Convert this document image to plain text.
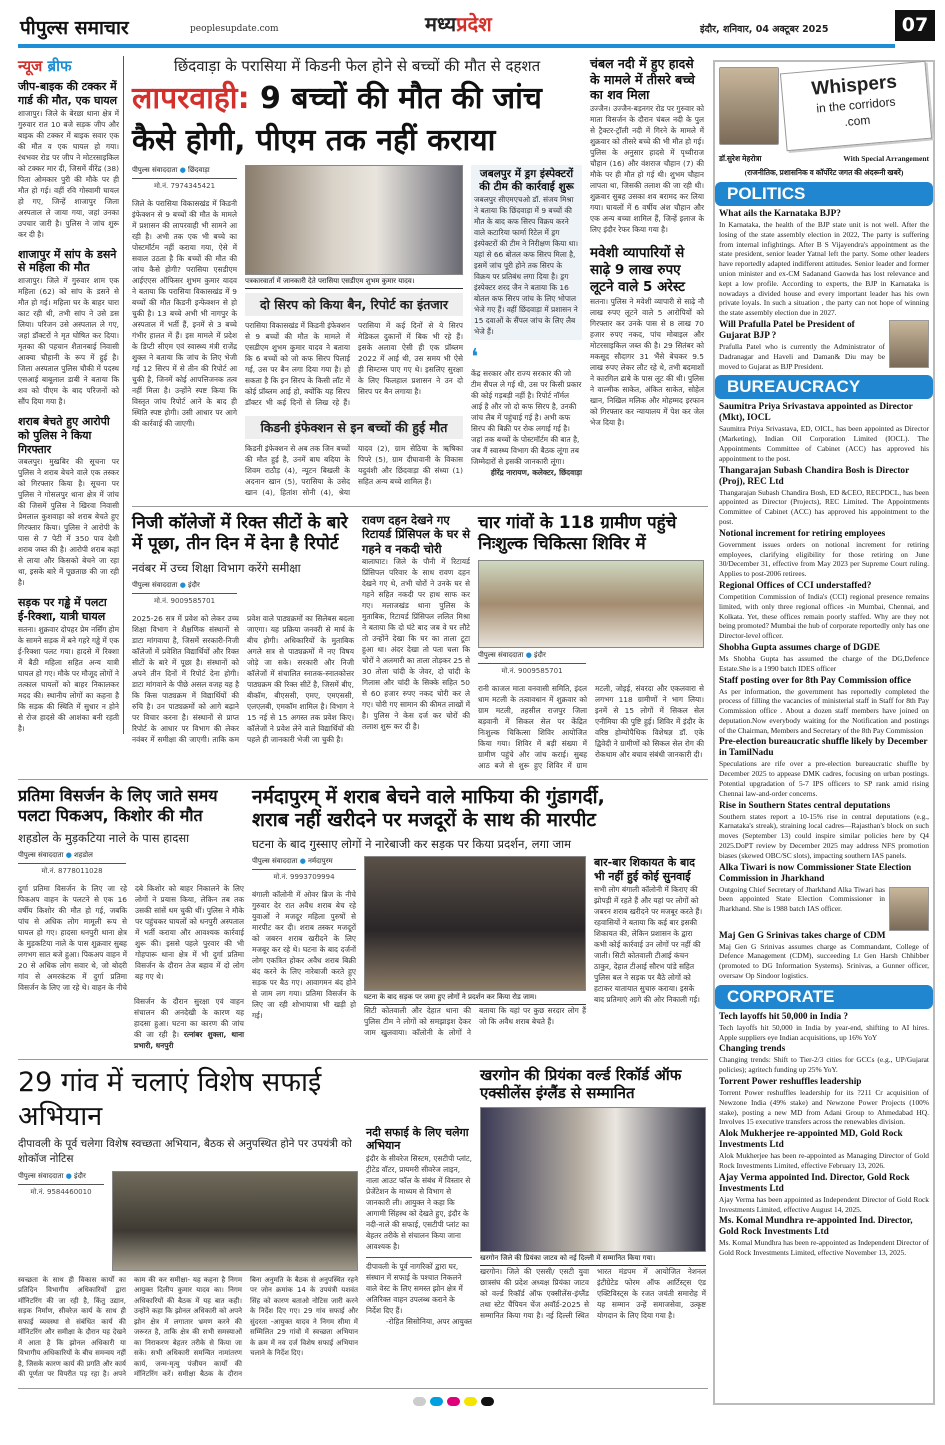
पीपुल्स समाचार	peoplesupdate.com	मध्यप्रदेश	इंदौर, शनिवार, 04 अक्टूबर 2025	07
न्यूज ब्रीफ
जीप-बाइक की टक्कर में गार्ड की मौत, एक घायल

शाजापुर। जिले के बेरछा थाना क्षेत्र में गुरुवार रात 10 बजे सड़क जीप और बाइक की टक्कर में बाइक सवार एक की मौत व एक घायल हो गया। रंथभवर रोड पर जीप ने मोटरसाइकिल को टक्कर मार दी, जिसमें वीरेंद्र (38) पिता ओमकार पुरी की मौके पर ही मौत हो गई। वहीं रवि गोस्वामी घायल हो गए, जिन्हें शाजापुर जिला अस्पताल ले जाया गया, जहां उनका उपचार जारी है। पुलिस ने जांच शुरू कर दी है।

शाजापुर में सांप के डसने से महिला की मौत

शाजापुर। जिले में गुरुवार शाम एक महिला (62) को सांप के डसने से मौत हो गई। महिला घर के बाहर चारा काट रही थी, तभी सांप ने उसे डस लिया। परिजन उसे अस्पताल ले गए, जहां डॉक्टरों ने मृत घोषित कर दिया। मृतका की पहचान शैतानबाई निवासी आक्या चौहानी के रूप में हुई है। जिला अस्पताल पुलिस चौकी में पदस्थ एसआई बाबूलाल डाबी ने बताया कि शव को पीएम के बाद परिजनों को सौंप दिया गया है।

शराब बेचते हुए आरोपी को पुलिस ने किया गिरफ्तार

जबलपुर। मुखबिर की सूचना पर पुलिस ने शराब बेचने वाले एक तस्कर को गिरफ्तार किया है। सूचना पर पुलिस ने गोसलपुर थाना क्षेत्र में जांच की जिसमें पुलिस ने खिरवा निवासी प्रेमलाल कुशवाहा को शराब बेचते हुए गिरफ्तार किया। पुलिस ने आरोपी के पास से 7 पेटी में 350 पाव देशी शराब जब्त की है। आरोपी शराब कहां से लाया और किसको बेचने जा रहा था, इसके बारे में पूछताछ की जा रही है।

सड़क पर गड्ढे में पलटा ई-रिक्शा, यात्री घायल

सतना। शुक्रवार दोपहर प्रेम नर्सिंग होम के सामने सड़क में बने गहरे गड्ढे में एक ई-रिक्शा पलट गया। हादसे में रिक्शा में बैठी महिला सहित अन्य यात्री घायल हो गए। मौके पर मौजूद लोगों ने तत्काल घायलों को बाहर निकालकर मदद की। स्थानीय लोगों का कहना है कि सड़क की स्थिति में सुधार न होने से रोज हादसे की आशंका बनी रहती है।

छिंदवाड़ा के परासिया में किडनी फेल होने से बच्चों की मौत से दहशत
लापरवाही: 9 बच्चों की मौत की जांच
कैसे होगी, पीएम तक नहीं कराया
पीपुल्स संवाददाता ● छिंदवाड़ा
मो.नं. 7974345421

जिले के परासिया विकासखंड में किडनी इंफेक्शन से 9 बच्चों की मौत के मामले में प्रशासन की लापरवाही भी सामने आ रही है। अभी तक एक भी बच्चे का पोस्टमॉर्टम नहीं कराया गया, ऐसे में सवाल उठता है कि बच्चों की मौत की जांच कैसे होगी? परासिया एसडीएम आईएएस ऑफिसर शुभम कुमार यादव ने बताया कि परासिया विकासखंड में 9 बच्चों की मौत किडनी इन्फेक्शन से हो चुकी है। 13 बच्चे अभी भी नागपुर के अस्पताल में भर्ती हैं, इनमें से 3 बच्चे गंभीर हालत में हैं। इस मामले में प्रदेश के डिप्टी सीएम एवं स्वास्थ्य मंत्री राजेंद्र शुक्ल ने बताया कि जांच के लिए भेजी गई 12 सिरप में से तीन की रिपोर्ट आ चुकी है, जिनमें कोई आपत्तिजनक तत्व नहीं मिला है। उन्होंने स्पष्ट किया कि विस्तृत जांच रिपोर्ट आने के बाद ही स्थिति स्पष्ट होगी। उसी आधार पर आगे की कार्रवाई की जाएगी।

पत्रकारवार्ता में जानकारी देते परासिया एसडीएम शुभम कुमार यादव।
दो सिरप को किया बैन, रिपोर्ट का इंतजार

परासिया विकासखंड में किडनी इंफेक्शन से 9 बच्चों की मौत के मामले में एसडीएम शुभम कुमार यादव ने बताया कि 6 बच्चों को जो कफ सिरप पिलाई गई, उस पर बैन लगा दिया गया है। हो सकता है कि इन सिरप के किसी लॉट में कोई प्रॉब्लम आई हो, क्योंकि यह सिरप डॉक्टर भी कई दिनों से लिख रहे हैं। परासिया में कई दिनों से ये सिरप मेडिकल दुकानों में बिक भी रहे हैं। इसके अलावा ऐसी ही एक प्रॉब्लम 2022 में आई थी, उस समय भी ऐसे ही सिम्टम्स पाए गए थे। इसलिए सुरक्षा के लिए फिलहाल प्रशासन ने उन दो सिरप पर बैन लगाया है।

किडनी इंफेक्शन से इन बच्चों की हुई मौत

किडनी इंफेक्शन से अब तक जिन बच्चों की मौत हुई है, उनमें बाघ बदिया के शिवम राठौड़ (4), न्यूटन बिखली के अदनान खान (5), परासिया के उसेद खान (4), हितांश सोनी (4), श्रेया यादव (2), ग्राम सेठिया के ऋषिका पिपरे (5), ग्राम दीघावानी के विकास यदुवंशी और छिंदवाड़ा की संध्या (1) सहित अन्य बच्चे शामिल हैं।

जबलपुर में ड्रग इंस्पेक्टरों की टीम की कार्रवाई शुरू

जबलपुर सीएमएचओ डॉ. संजय मिश्रा ने बताया कि छिंदवाड़ा में 9 बच्चों की मौत के बाद कफ सिरप विक्रय करने वाले कटारिया फार्मा रिटेल में ड्रग इंस्पेक्टरों की टीम ने निरीक्षण किया था। यहां से 66 बोतल कफ सिरप मिला है, इसमें जांच पूरी होने तक सिरप के विक्रय पर प्रतिबंध लगा दिया है। ड्रग इंस्पेक्टर शरद जैन ने बताया कि 16 बोतल कफ सिरप जांच के लिए भोपाल भेजे गए हैं। वहीं छिंदवाड़ा में प्रशासन ने 15 दवाओं के सैंपल जांच के लिए लैब भेजे हैं।

❛

केंद्र सरकार और राज्य सरकार की जो टीम सैंपल ले गई थी, उस पर किसी प्रकार की कोई गड़बड़ी नहीं है। रिपोर्ट नॉर्मल आई है और जो दो कफ सिरप है, उनकी जांच लैब में पहुंचाई गई है। अभी कफ सिरप की बिक्री पर रोक लगाई गई है। जहां तक बच्चों के पोस्टमॉर्टम की बात है, जब मैं स्वास्थ्य विभाग की बैठक लूंगा तब जिम्मेदारों से इसकी जानकारी लूंगा।

हीरेंद्र नारायण, कलेक्टर, छिंदवाड़ा

चंबल नदी में हुए हादसे के मामले में तीसरे बच्चे का शव मिला

उज्जैन। उज्जैन-बड़नगर रोड पर गुरुवार को माता विसर्जन के दौरान चंबल नदी के पुल से ट्रैक्टर-ट्रॉली नदी में गिरने के मामले में शुक्रवार को तीसरे बच्चे की भी मौत हो गई। पुलिस के अनुसार हादसे में पृथ्वीराज चौहान (16) और वंशराज चौहान (7) की मौके पर ही मौत हो गई थी। शुभम चौहान लापता था, जिसकी तलाश की जा रही थी। शुक्रवार सुबह उसका शव बरामद कर लिया गया। घायलों में 6 वर्षीय अंश चौहान और एक अन्य बच्चा शामिल हैं, जिन्हें इलाज के लिए इंदौर रेफर किया गया है।

मवेशी व्यापारियों से साढ़े 9 लाख रुपए लूटने वाले 5 अरेस्ट

सतना। पुलिस ने मवेशी व्यापारी से साढ़े नौ लाख रुपए लूटने वाले 5 आरोपियों को गिरफ्तार कर उनके पास से 8 लाख 70 हजार रुपए नकद, पांच मोबाइल और मोटरसाइकिल जब्त की है। 29 सितंबर को मकसूद सौदागर 31 भैंसे बेचकर 9.5 लाख रुपए लेकर लौट रहे थे, तभी बदमाशों ने कारगिल ढाबे के पास लूट की थी। पुलिस ने वाल्मीक साकेत, अंकित साकेत, सोहेल खान, निखिल मलिक और मोहम्मद इरफान को गिरफ्तार कर न्यायालय में पेश कर जेल भेज दिया है।

निजी कॉलेजों में रिक्त सीटों के बारे में पूछा, तीन दिन में देना है रिपोर्ट
नवंबर में उच्च शिक्षा विभाग करेंगे समीक्षा
पीपुल्स संवाददाता ● इंदौर
मो.नं. 9009585701

2025-26 सत्र में प्रवेश को लेकर उच्च शिक्षा विभाग ने शैक्षणिक संस्थानों से डाटा मांगवाया है, जिसमें सरकारी-निजी कॉलेजों में प्रवेशित विद्यार्थियों और रिक्त सीटों के बारे में पूछा है। संस्थानों को अपने तीन दिनों में रिपोर्ट देना होगी। डाटा मांगवाने के पीछे असल वजह यह है कि किस पाठ्यक्रम में विद्यार्थियों की रुचि है। उन पाठ्यक्रमों को आगे बढ़ाने पर विचार करना है। संस्थानों से प्राप्त रिपोर्ट के आधार पर विभाग की लेकर नवंबर में समीक्षा की जाएगी। ताकि कम प्रवेश वाले पाठ्यक्रमों का सिलेबस बदला जाएगा। यह प्रक्रिया जनवरी से मार्च के बीच होगी। अधिकारियों के मुताबिक अगले सत्र से पाठ्यक्रमों में नए विषय जोड़े जा सके। सरकारी और निजी कॉलेजों में संचालित स्नातक-स्नातकोत्तर पाठ्यक्रम की रिक्त सीटें है, जिसमें बीए, बीकॉम, बीएससी, एमए, एमएससी, एलएलबी, एमकॉम शामिल है। विभाग ने 15 नई से 15 अगस्त तक प्रवेश किए। कॉलेजों ने प्रवेश लेने वाले विद्यार्थियों की पहले ही जानकारी भेजी जा चुकी है।

रावण दहन देखने गए रिटायर्ड प्रिंसिपल के घर से गहने व नकदी चोरी

बालाघाट। जिले के पौनी में रिटायर्ड प्रिंसिपल परिवार के साथ रावण दहन देखने गए थे, तभी चोरों ने उनके घर से गहने सहित नकदी पर हाथ साफ कर गए। मलाजखंड थाना पुलिस के मुताबिक, रिटायर्ड प्रिंसिपल ललित मिश्रा ने बताया कि दो घंटे बाद जब वे घर लौटे तो उन्होंने देखा कि घर का ताला टूटा हुआ था। अंदर देखा तो पता चला कि चोरों ने अलमारी का ताला तोड़कर 25 से 30 तोला चांदी के जेवर, दो चांदी के गिलास और चांदी के सिक्के सहित 50 से 60 हजार रुपए नकद चोरी कर ले गए। चोरी गए सामान की कीमत लाखों में है। पुलिस ने केस दर्ज कर चोरों की तलाश शुरू कर दी है।

चार गांवों के 118 ग्रामीण पहुंचे निःशुल्क चिकित्सा शिविर में
पीपुल्स संवाददाता ● इंदौर
मो.नं. 9009585701

रानी काजल माता वनवासी समिति, इंदल धाम मटली के तत्वावधान में शुक्रवार को ग्राम मटली, तहसील राजपुर जिला बड़वानी में सिकल सेल पर केंद्रित निःशुल्क चिकित्सा शिविर आयोजित किया गया। शिविर में बड़ी संख्या में ग्रामीण पहुंचे और जांच कराई। सुबह आठ बजे से शुरू हुए शिविर में ग्राम मटली, जोइई, संवरदा और एकलवारा से लगभग 118 ग्रामीणों ने भाग लिया। इनमें से 15 लोगों में सिकल सेल एनीमिया की पुष्टि हुई। शिविर में इंदौर के वरिष्ठ होम्योपैथिक विशेषज्ञ डॉ. एके द्विवेदी ने ग्रामीणों को सिकल सेल रोग की रोकथाम और बचाव संबंधी जानकारी दी।

प्रतिमा विसर्जन के लिए जाते समय पलटा पिकअप, किशोर की मौत
शहडोल के मुड़कटिया नाले के पास हादसा
पीपुल्स संवाददाता ● शहडोल
मो.नं. 8778011028

दुर्गा प्रतिमा विसर्जन के लिए जा रहे पिकअप वाहन के पलटने से एक 16 वर्षीय किशोर की मौत हो गई, जबकि पांच से अधिक लोग मामूली रूप से घायल हो गए। हादसा धनपुरी थाना क्षेत्र के मुड़कटिया नाले के पास शुक्रवार सुबह लगभग सात बजे हुआ। पिकअप वाहन में 20 से अधिक लोग सवार थे, जो बोदरी गांव से अमरकंटक में दुर्गा प्रतिमा विसर्जन के लिए जा रहे थे। वाहन के नीचे दबे किशोर को बाहर निकालने के लिए लोगों ने प्रयास किया, लेकिन तब तक उसकी सांसें थम चुकी थीं। पुलिस ने मौके पर पहुंचकर घायलों को धनपुरी अस्पताल में भर्ती कराया और आवश्यक कार्रवाई शुरू की। इससे पहले पुरवार की भी गोहपारू थाना क्षेत्र में भी दुर्गा प्रतिमा विसर्जन के दौरान तेज बहाव में दो लोग बह गए थे।

विसर्जन के दौरान सुरक्षा एवं वाहन संचालन की अनदेखी के कारण यह हादसा हुआ। घटना का कारण की जांच की जा रही है। रत्नांबर शुक्ला, थाना प्रभारी, धनपुरी
नर्मदापुरम् में शराब बेचने वाले माफिया की गुंडागर्दी,
शराब नहीं खरीदने पर मजदूरों के साथ की मारपीट
घटना के बाद गुस्साए लोगों ने नारेबाजी कर सड़क पर किया प्रदर्शन, लगा जाम
पीपुल्स संवाददाता ● नर्मदापुरम
मो.नं. 9993709994

बंगाली कॉलोनी में ओवर ब्रिज के नीचे गुरुवार देर रात अवैध शराब बेच रहे युवाओं ने मजदूर महिला पुरुषों से मारपीट कर दी। शराब तस्कर मजदूरों को जबरन शराब खरीदने के लिए मजबूर कर रहे थे। घटना के बाद दर्जनों लोग एकत्रित होकर अवैध शराब बिक्री बंद करने के लिए नारेबाजी करते हुए सड़क पर बैठ गए। आवागमन बंद होने से जाम लग गया। प्रतिमा विसर्जन के लिए जा रही शोभायात्रा भी खड़ी हो गई।

घटना के बाद सड़क पर जमा हुए लोगों ने प्रदर्शन कर किया रोड जाम।

सिटी कोतवाली और देहात थाना की पुलिस टीम ने लोगों को समझाइश देकर जाम खुलवाया। कॉलोनी के लोगों ने बताया कि यहां पर कुछ सरदार लोग हैं जो कि अवैध शराब बेचते हैं।

बार-बार शिकायत के बाद भी नहीं हुई कोई सुनवाई

सभी लोग बंगाली कॉलोनी में किराए की झोपड़ी में रहते हैं और यहां पर लोगों को जबरन शराब खरीदने पर मजबूर करते हैं। रहवासियों ने बताया कि कई बार इसकी शिकायत की, लेकिन प्रशासन के द्वारा कभी कोई कार्रवाई उन लोगों पर नहीं की जाती। सिटी कोतवाली टीआई कंचन ठाकुर, देहात टीआई सौरभ पांडे सहित पुलिस बल ने सड़क पर बैठे लोगों को हटाकर यातायात सुचारु कराया। इसके बाद प्रतिमाएं आगे की ओर निकाली गई।

29 गांव में चलाएं विशेष सफाई अभियान
दीपावली के पूर्व चलेगा विशेष स्वच्छता अभियान, बैठक से अनुपस्थित होने पर उपयंत्री को शोकॉज नोटिस
पीपुल्स संवाददाता ● इंदौर
मो.नं. 9584460010

स्वच्छता के साथ ही विकास कार्यों का प्रतिदिन विभागीय अधिकारियों द्वारा मॉनिटरिंग की जा रही है, किंतु उद्यान, सड़क निर्माण, सीवरेज कार्य के साथ ही सफाई व्यवस्था से संबंधित कार्य की मॉनिटरिंग और समीक्षा के दौरान यह देखने में आता है कि झोनल अधिकारी या विभागीय अधिकारियों के बीच समन्वय नहीं है, जिसके कारण कार्य की प्रगति और कार्य की पूर्णता पर विपरीत पड़ रहा है। अपने काम की कर समीक्षा- यह कहना है निगम आयुक्त दिलीप कुमार यादव का। निगम अधिकारियों की बैठक में यह बात कही। उन्होंने कहा कि झोनल अधिकारी को अपने झोन क्षेत्र में लगातार भ्रमण करने की जरूरत है, ताकि क्षेत्र की सभी समस्याओं का निराकरण बेहतर तरीके से किया जा सके। सभी अधिकारी समन्वित नामांतरण कार्य, जन्म-मृत्यु पंजीयन कार्यों की मॉनिटरिंग करें। समीक्षा बैठक के दौरान बिना अनुमति के बैठक से अनुपस्थित रहने पर जोन क्रमांक 14 के उपयंत्री यशवंत सिंह को कारण बताओ नोटिस जारी करने के निर्देश दिए गए। 29 गांव सफाई और सुंदरता -आयुक्त यादव ने निगम सीमा में सम्मिलित 29 गांवों में स्वच्छता अभियान के क्रम में नव दर्ज विशेष सफाई अभियान चलाने के निर्देश दिए।

नदी सफाई के लिए चलेगा अभियान

इंदौर के सीवरेज सिस्टम, एसटीपी प्लांट, ट्रीटेड वॉटर, प्रायमरी सीवरेज लाइन, नाला आउट फॉल के संबंध में विस्तार से प्रेजेंटेशन के माध्यम से विभाग से जानकारी ली। आयुक्त ने कहा कि आगामी सिंहस्थ को देखते हुए, इंदौर के नदी-नाले की सफाई, एसटीपी प्लांट का बेहतर तरीके से संचालन किया जाना आवश्यक है।

दीपावली के पूर्व नागरिकों द्वारा घर, संस्थान में सफाई के पश्चात निकलने वाले वेस्ट के लिए समस्त झोन क्षेत्र में अतिरिक्त वाहन उपलब्ध कराने के निर्देश दिए हैं।

-रोहित सिसोनिया, अपर आयुक्त

खरगोन की प्रियंका वर्ल्ड रिकॉर्ड ऑफ एक्सीलेंस इंग्लैंड से सम्मानित
खरगोन जिले की प्रियंका जाटव को नई दिल्ली में सम्मानित किया गया।

खरगोन। जिले की एससी/ एसटी युवा छात्रसंघ की प्रदेश अध्यक्ष प्रियंका जाटव को वर्ल्ड रिकॉर्ड ऑफ एक्सीलेंस-इंग्लैंड तथा स्टेट चैंपियन चेंज अवॉर्ड-2025 से सम्मानित किया गया है। नई दिल्ली स्थित भारत मंडपम में आयोजित नेशनल इंटीग्रेटेड फोरम ऑफ आर्टिस्ट्स एंड एक्टिविस्ट्स के रजत जयंती समारोह में यह सम्मान उन्हें समाजसेवा, उत्कृष्ट योगदान के लिए दिया गया है।

Whispers
in the corridors
.com
डॉ.सुरेश मेहरोत्रा	With Special Arrangement
(राजनीतिक, प्रशासनिक व कॉर्पोरेट जगत की अंदरूनी खबरें)
POLITICS
What ails the Karnataka BJP?

In Karnataka, the health of the BJP state unit is not well. After the losing of the state assembly election in 2022, The party is suffering from internal infightings. After B S Vijayendra's appointment as the state president, senior leader Yatnal left the party. Some other leaders have reportedly adapted indifferent attitudes. Senior leader and former union minister and ex-CM Sadanand Gaowda has lost relevance and kept a low profile. According to experts, the BJP in Karnataka is nowadays a divided house and every important leader has his own private loyals. In such a situation , the party can not hope of winning the state assembly election due in 2027.

Will Prafulla Patel be President of Gujarat BJP ?

Prafulla Patel who is currently the Administrator of Dadranagar and Haveli and Daman& Diu may be moved to Gujarat as BJP President.

BUREAUCRACY
Saumitra Priya Srivastava appointed as Director (Mkt), IOCL

Saumitra Priya Srivastava, ED, OICL, has been appointed as Director (Marketing), Indian Oil Corporation Limited (IOCL). The Appointments Committee of Cabinet (ACC) has approved his appointment to the post.

Thangarajan Subash Chandira Bosh is Director (Proj), REC Ltd

Thangarajan Subash Chandira Bosh, ED &CEO, RECPDCL, has been appointed as Director (Projects), REC Limited. The Appointments Committee of Cabinet (ACC) has approved his appointment to the post.

Notional increment for retiring employees

Government issues orders on notional increment for retiring employees, clarifying eligibility for those retiring on June 30/December 31, effective from May 2023 per Supreme Court ruling. Applies to post-2006 retirees.

Regional Offices of CCI understaffed?

Competition Commission of India's (CCI) regional presence remains limited, with only three regional offices -in Mumbai, Chennai, and Kolkata. Yet, these offices remain poorly staffed. Why are they not being promoted? Mumbai the hub of corporate reportedly only has one Director-level officer.

Shobha Gupta assumes charge of DGDE

Ms Shobha Gupta has assumed the charge of the DG,Defence Estate.She is a 1990 batch IDES officer

Staff posting over for 8th Pay Commission office

As per information, the government has reportedly completed the process of filling the vacancies of ministerial staff in Staff for 8th Pay Commission office . About a dozen staff members have joined on deputation.Now everybody waiting for the Notification and postings of the Chairman, Members and Secretary of the 8th Pay Commission

Pre-election bureaucratic shuffle likely by December in TamilNadu

Speculations are rife over a pre-election bureaucratic shuffle by December 2025 to appease DMK cadres, focusing on urban postings. Potential upgradation of 5-7 IPS officers to SP rank amid rising Chennai law-and-order concerns.

Rise in Southern States central deputations

Southern states report a 10-15% rise in central deputations (e.g., Karnataka's streak), straining local cadres—Rajasthan's block on such moves (September 13) could inspire similar policies here by Q4 2025.DoPT review by December 2025 may address NFS promotion biases (skewed OBC/SC slots), impacting southern IAS panels.

Alka Tiwari is now Commissioner State Election Commission in Jharkhand

Outgoing Chief Secretary of Jharkhand Alka Tiwari has been appointed State Election Commissioner in Jharkhand. She is 1988 batch IAS officer.

Maj Gen G Srinivas takes charge of CDM

Maj Gen G Srinivas assumes charge as Commandant, College of Defence Management (CDM), succeeding Lt Gen Harsh Chhibber (promoted to DG Information Systems). Srinivas, a Gunner officer, oversaw Op Sindoor logistics.

CORPORATE
Tech layoffs hit 50,000 in India ?

Tech layoffs hit 50,000 in India by year-end, shifting to AI hires. Apple suppliers eye Indian acquisitions, up 16% YoY

Changing trends

Changing trends: Shift to Tier-2/3 cities for GCCs (e.g., UP/Gujarat policies); agritech funding up 25% YoY.

Torrent Power reshuffles leadership

Torrent Power reshuffles leadership for its ?211 Cr acquisition of Newzone India (49% stake) and Newzone Power Projects (100% stake), posting a new MD from Adani Group to Ahmedabad HQ. Involves 15 executive transfers across the renewables division.

Alok Mukherjee re-appointed MD, Gold Rock Investments Ltd

Alok Mukherjee has been re-appointed as Managing Director of Gold Rock Investments Limited, effective February 13, 2026.

Ajay Verma appointed Ind. Director, Gold Rock Investments Ltd

Ajay Verma has been appointed as Independent Director of Gold Rock Investments Limited, effective August 14, 2025.

Ms. Komal Mundhra re-appointed Ind. Director, Gold Rock Investments Ltd

Ms. Komal Mundhra has been re-appointed as Independent Director of Gold Rock Investments Limited, effective November 13, 2025.
